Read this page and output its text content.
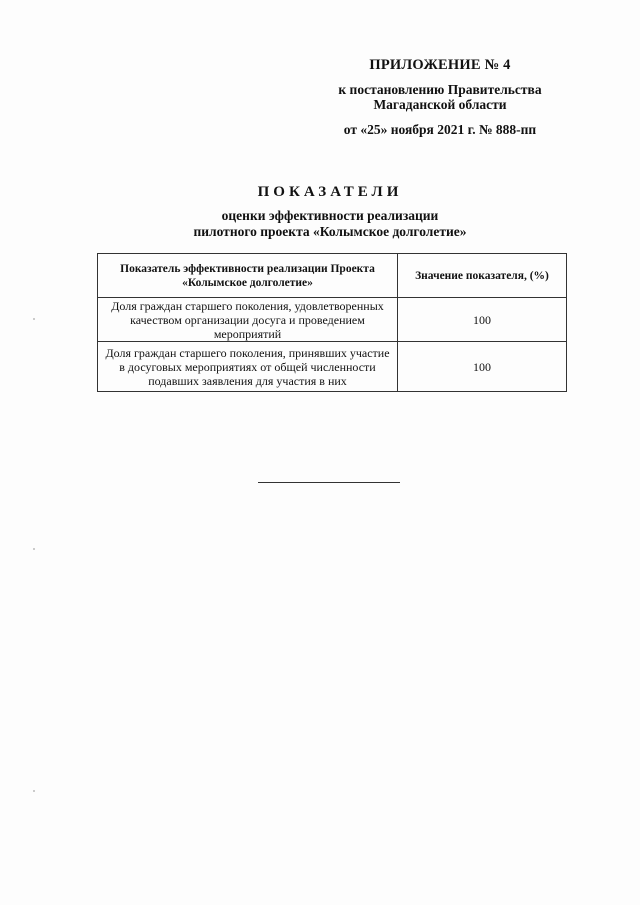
ПРИЛОЖЕНИЕ № 4
к постановлению Правительства
Магаданской области
от «25» ноября 2021 г. № 888-пп
ПОКАЗАТЕЛИ
оценки эффективности реализации
пилотного проекта «Колымское долголетие»
Показатель эффективности реализации Проекта «Колымское долголетие»	Значение показателя, (%)
Доля граждан старшего поколения, удовлетворенных качеством организации досуга и проведением мероприятий	100
Доля граждан старшего поколения, принявших участие в досуговых мероприятиях от общей численности подавших заявления для участия в них	100
